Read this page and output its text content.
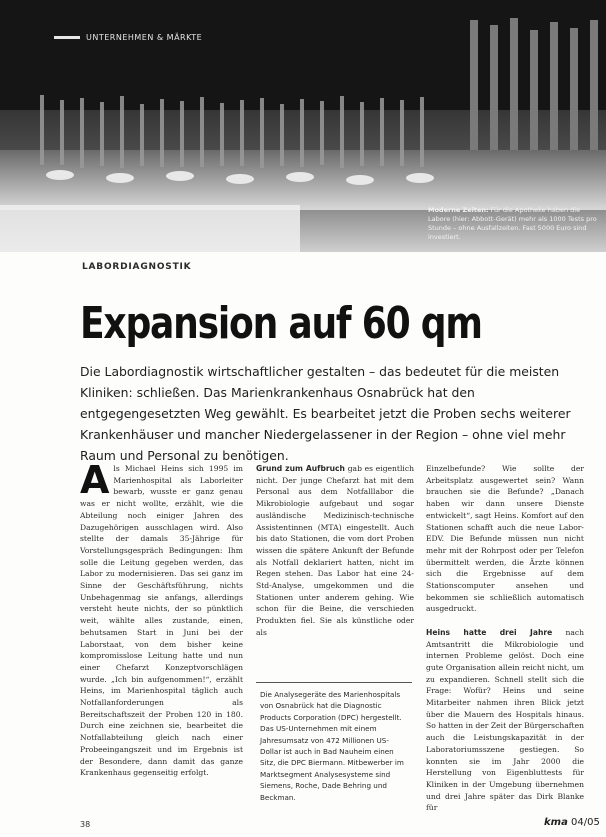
UNTERNEHMEN & MÄRKTE
Moderne Zeiten: Für die Apotheke haben die Labore (hier: Abbott-Gerät) mehr als 1000 Tests pro Stunde – ohne Ausfallzeiten. Fast 5000 Euro sind investiert.
LABORDIAGNOSTIK
Expansion auf 60 qm
Die Labordiagnostik wirtschaftlicher gestalten – das bedeutet für die meisten Kliniken: schließen. Das Marienkrankenhaus Osnabrück hat den entgegengesetzten Weg gewählt. Es bearbeitet jetzt die Proben sechs weiterer Krankenhäuser und mancher Niedergelassener in der Region – ohne viel mehr Raum und Personal zu benötigen.
Als Michael Heins sich 1995 im Marienhospital als Laborleiter bewarb, wusste er ganz genau was er nicht wollte, erzählt, wie die Abteilung noch einiger Jahren des Dazugehörigen ausschlagen wird. Also stellte der damals 35-Jährige für Vorstellungsgespräch Bedingungen: Ihm solle die Leitung gegeben werden, das Labor zu modernisieren. Das sei ganz im Sinne der Geschäftsführung, nichts Unbehagenmag sie anfangs, allerdings versteht heute nichts, der so pünktlich weit, wählte alles zustande, einen, behutsamen Start in Juni bei der Laborstaat, von dem bisher keine kompromisslose Leitung hatte und nun einer Chefarzt Konzeptvorschlägen wurde. „Ich bin aufgenommen!“, erzählt Heins, im Marienhospital täglich auch Notfallanforderungen als Bereitschaftszeit der Proben 120 in 180. Durch eine zeichnen sie, bearbeitet die Notfallabteilung gleich nach einer Probeeingangszeit und im Ergebnis ist der Besondere, dann damit das ganze Krankenhaus gegenseitig erfolgt.
Grund zum Aufbruch gab es eigentlich nicht. Der junge Chefarzt hat mit dem Personal aus dem Notfalllabor die Mikrobiologie aufgebaut und sogar ausländische Medizinisch-technische Assistentinnen (MTA) eingestellt. Auch bis dato Stationen, die vom dort Proben wissen die spätere Ankunft der Befunde als Notfall deklariert hatten, nicht im Regen stehen. Das Labor hat eine 24-Std-Analyse, umgekommen und die Stationen unter anderem gehing. Wie schon für die Beine, die verschieden Produkten fiel. Sie als künstliche oder als
Die Analysegeräte des Marienhospitals von Osnabrück hat die Diagnostic Products Corporation (DPC) hergestellt. Das US-Unternehmen mit einem Jahresumsatz von 472 Millionen US-Dollar ist auch in Bad Nauheim einen Sitz, die DPC Biermann. Mitbewerber im Marktsegment Analysesysteme sind Siemens, Roche, Dade Behring und Beckman.
Einzelbefunde? Wie sollte der Arbeitsplatz ausgewertet sein? Wann brauchen sie die Befunde? „Danach haben wir dann unsere Dienste entwickelt“, sagt Heins. Komfort auf den Stationen schafft auch die neue Labor-EDV. Die Befunde müssen nun nicht mehr mit der Rohrpost oder per Telefon übermittelt werden, die Ärzte können sich die Ergebnisse auf dem Stationscomputer ansehen und bekommen sie schließlich automatisch ausgedruckt.

Heins hatte drei Jahre nach Amtsantritt die Mikrobiologie und internen Probleme gelöst. Doch eine gute Organisation allein reicht nicht, um zu expandieren. Schnell stellt sich die Frage: Wofür? Heins und seine Mitarbeiter nahmen ihren Blick jetzt über die Mauern des Hospitals hinaus. So hatten in der Zeit der Bürgerschaften auch die Leistungskapazität in der Laboratoriumsszene gestiegen. So konnten sie im Jahr 2000 die Herstellung von Eigenbluttests für Kliniken in der Umgebung übernehmen und drei Jahre später das Dirk Blanke für
38	kma 04/05
